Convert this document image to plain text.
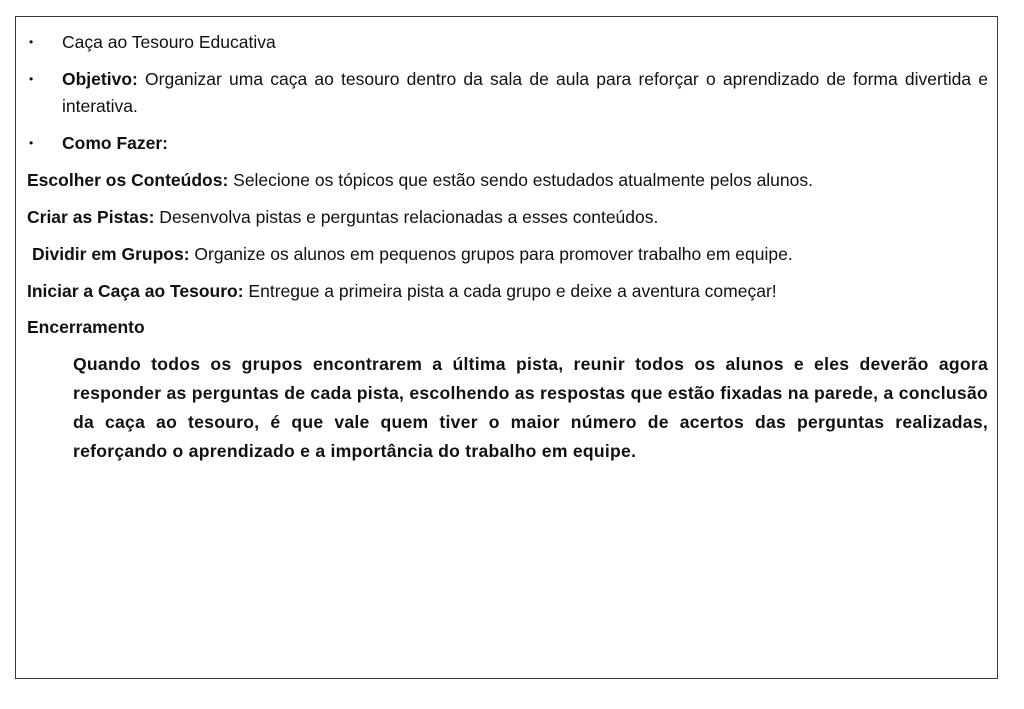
• Caça ao Tesouro Educativa
• Objetivo: Organizar uma caça ao tesouro dentro da sala de aula para reforçar o aprendizado de forma divertida e interativa.
• Como Fazer:
Escolher os Conteúdos: Selecione os tópicos que estão sendo estudados atualmente pelos alunos.
Criar as Pistas: Desenvolva pistas e perguntas relacionadas a esses conteúdos.
Dividir em Grupos: Organize os alunos em pequenos grupos para promover trabalho em equipe.
Iniciar a Caça ao Tesouro: Entregue a primeira pista a cada grupo e deixe a aventura começar!
Encerramento
Quando todos os grupos encontrarem a última pista, reunir todos os alunos e eles deverão agora responder as perguntas de cada pista, escolhendo as respostas que estão fixadas na parede, a conclusão da caça ao tesouro, é que vale quem tiver o maior número de acertos das perguntas realizadas, reforçando o aprendizado e a importância do trabalho em equipe.
